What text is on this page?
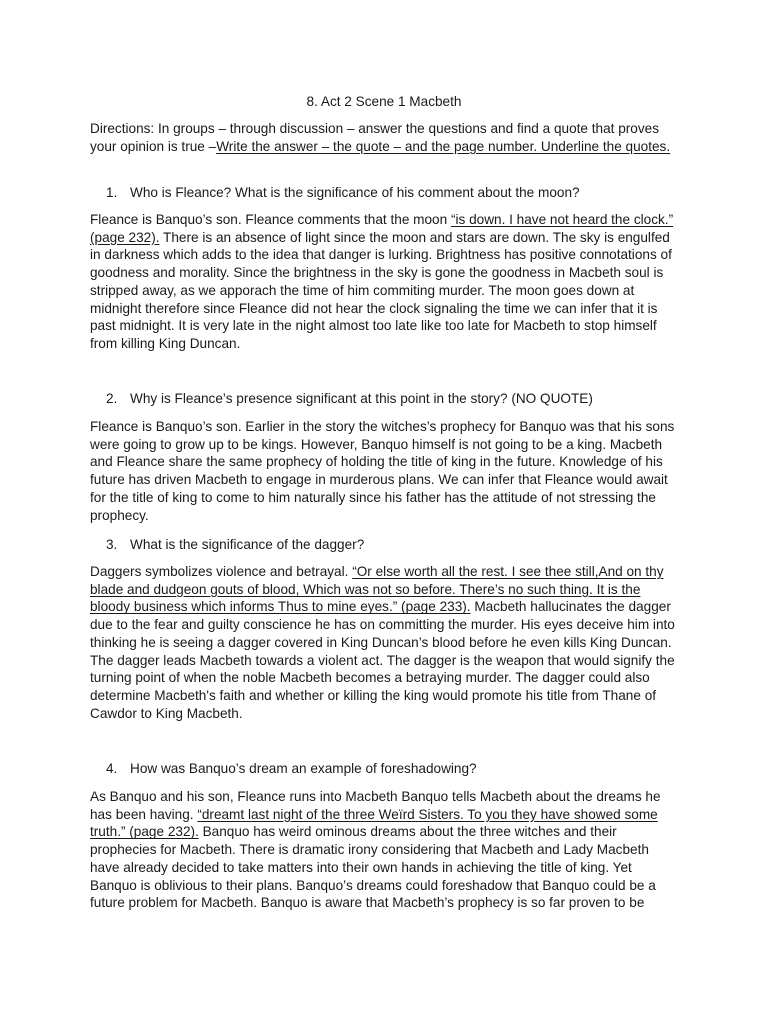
8. Act 2 Scene 1 Macbeth
Directions: In groups – through discussion – answer the questions and find a quote that proves your opinion is true –Write the answer – the quote – and the page number. Underline the quotes.
1. Who is Fleance? What is the significance of his comment about the moon?
Fleance is Banquo’s son. Fleance comments that the moon “is down. I have not heard the clock.” (page 232). There is an absence of light since the moon and stars are down. The sky is engulfed in darkness which adds to the idea that danger is lurking. Brightness has positive connotations of goodness and morality. Since the brightness in the sky is gone the goodness in Macbeth soul is stripped away, as we apporach the time of him commiting murder. The moon goes down at midnight therefore since Fleance did not hear the clock signaling the time we can infer that it is past midnight. It is very late in the night almost too late like too late for Macbeth to stop himself from killing King Duncan.
2. Why is Fleance’s presence significant at this point in the story? (NO QUOTE)
Fleance is Banquo’s son. Earlier in the story the witches’s prophecy for Banquo was that his sons were going to grow up to be kings. However, Banquo himself is not going to be a king. Macbeth and Fleance share the same prophecy of holding the title of king in the future. Knowledge of his future has driven Macbeth to engage in murderous plans. We can infer that Fleance would await for the title of king to come to him naturally since his father has the attitude of not stressing the prophecy.
3. What is the significance of the dagger?
Daggers symbolizes violence and betrayal. “Or else worth all the rest. I see thee still,And on thy blade and dudgeon gouts of blood, Which was not so before. There’s no such thing. It is the bloody business which informs Thus to mine eyes.” (page 233). Macbeth hallucinates the dagger due to the fear and guilty conscience he has on committing the murder. His eyes deceive him into thinking he is seeing a dagger covered in King Duncan’s blood before he even kills King Duncan. The dagger leads Macbeth towards a violent act. The dagger is the weapon that would signify the turning point of when the noble Macbeth becomes a betraying murder. The dagger could also determine Macbeth's faith and whether or killing the king would promote his title from Thane of Cawdor to King Macbeth.
4. How was Banquo’s dream an example of foreshadowing?
As Banquo and his son, Fleance runs into Macbeth Banquo tells Macbeth about the dreams he has been having. “dreamt last night of the three Weïrd Sisters. To you they have showed some truth.” (page 232). Banquo has weird ominous dreams about the three witches and their prophecies for Macbeth. There is dramatic irony considering that Macbeth and Lady Macbeth have already decided to take matters into their own hands in achieving the title of king. Yet Banquo is oblivious to their plans. Banquo’s dreams could foreshadow that Banquo could be a future problem for Macbeth. Banquo is aware that Macbeth’s prophecy is so far proven to be
